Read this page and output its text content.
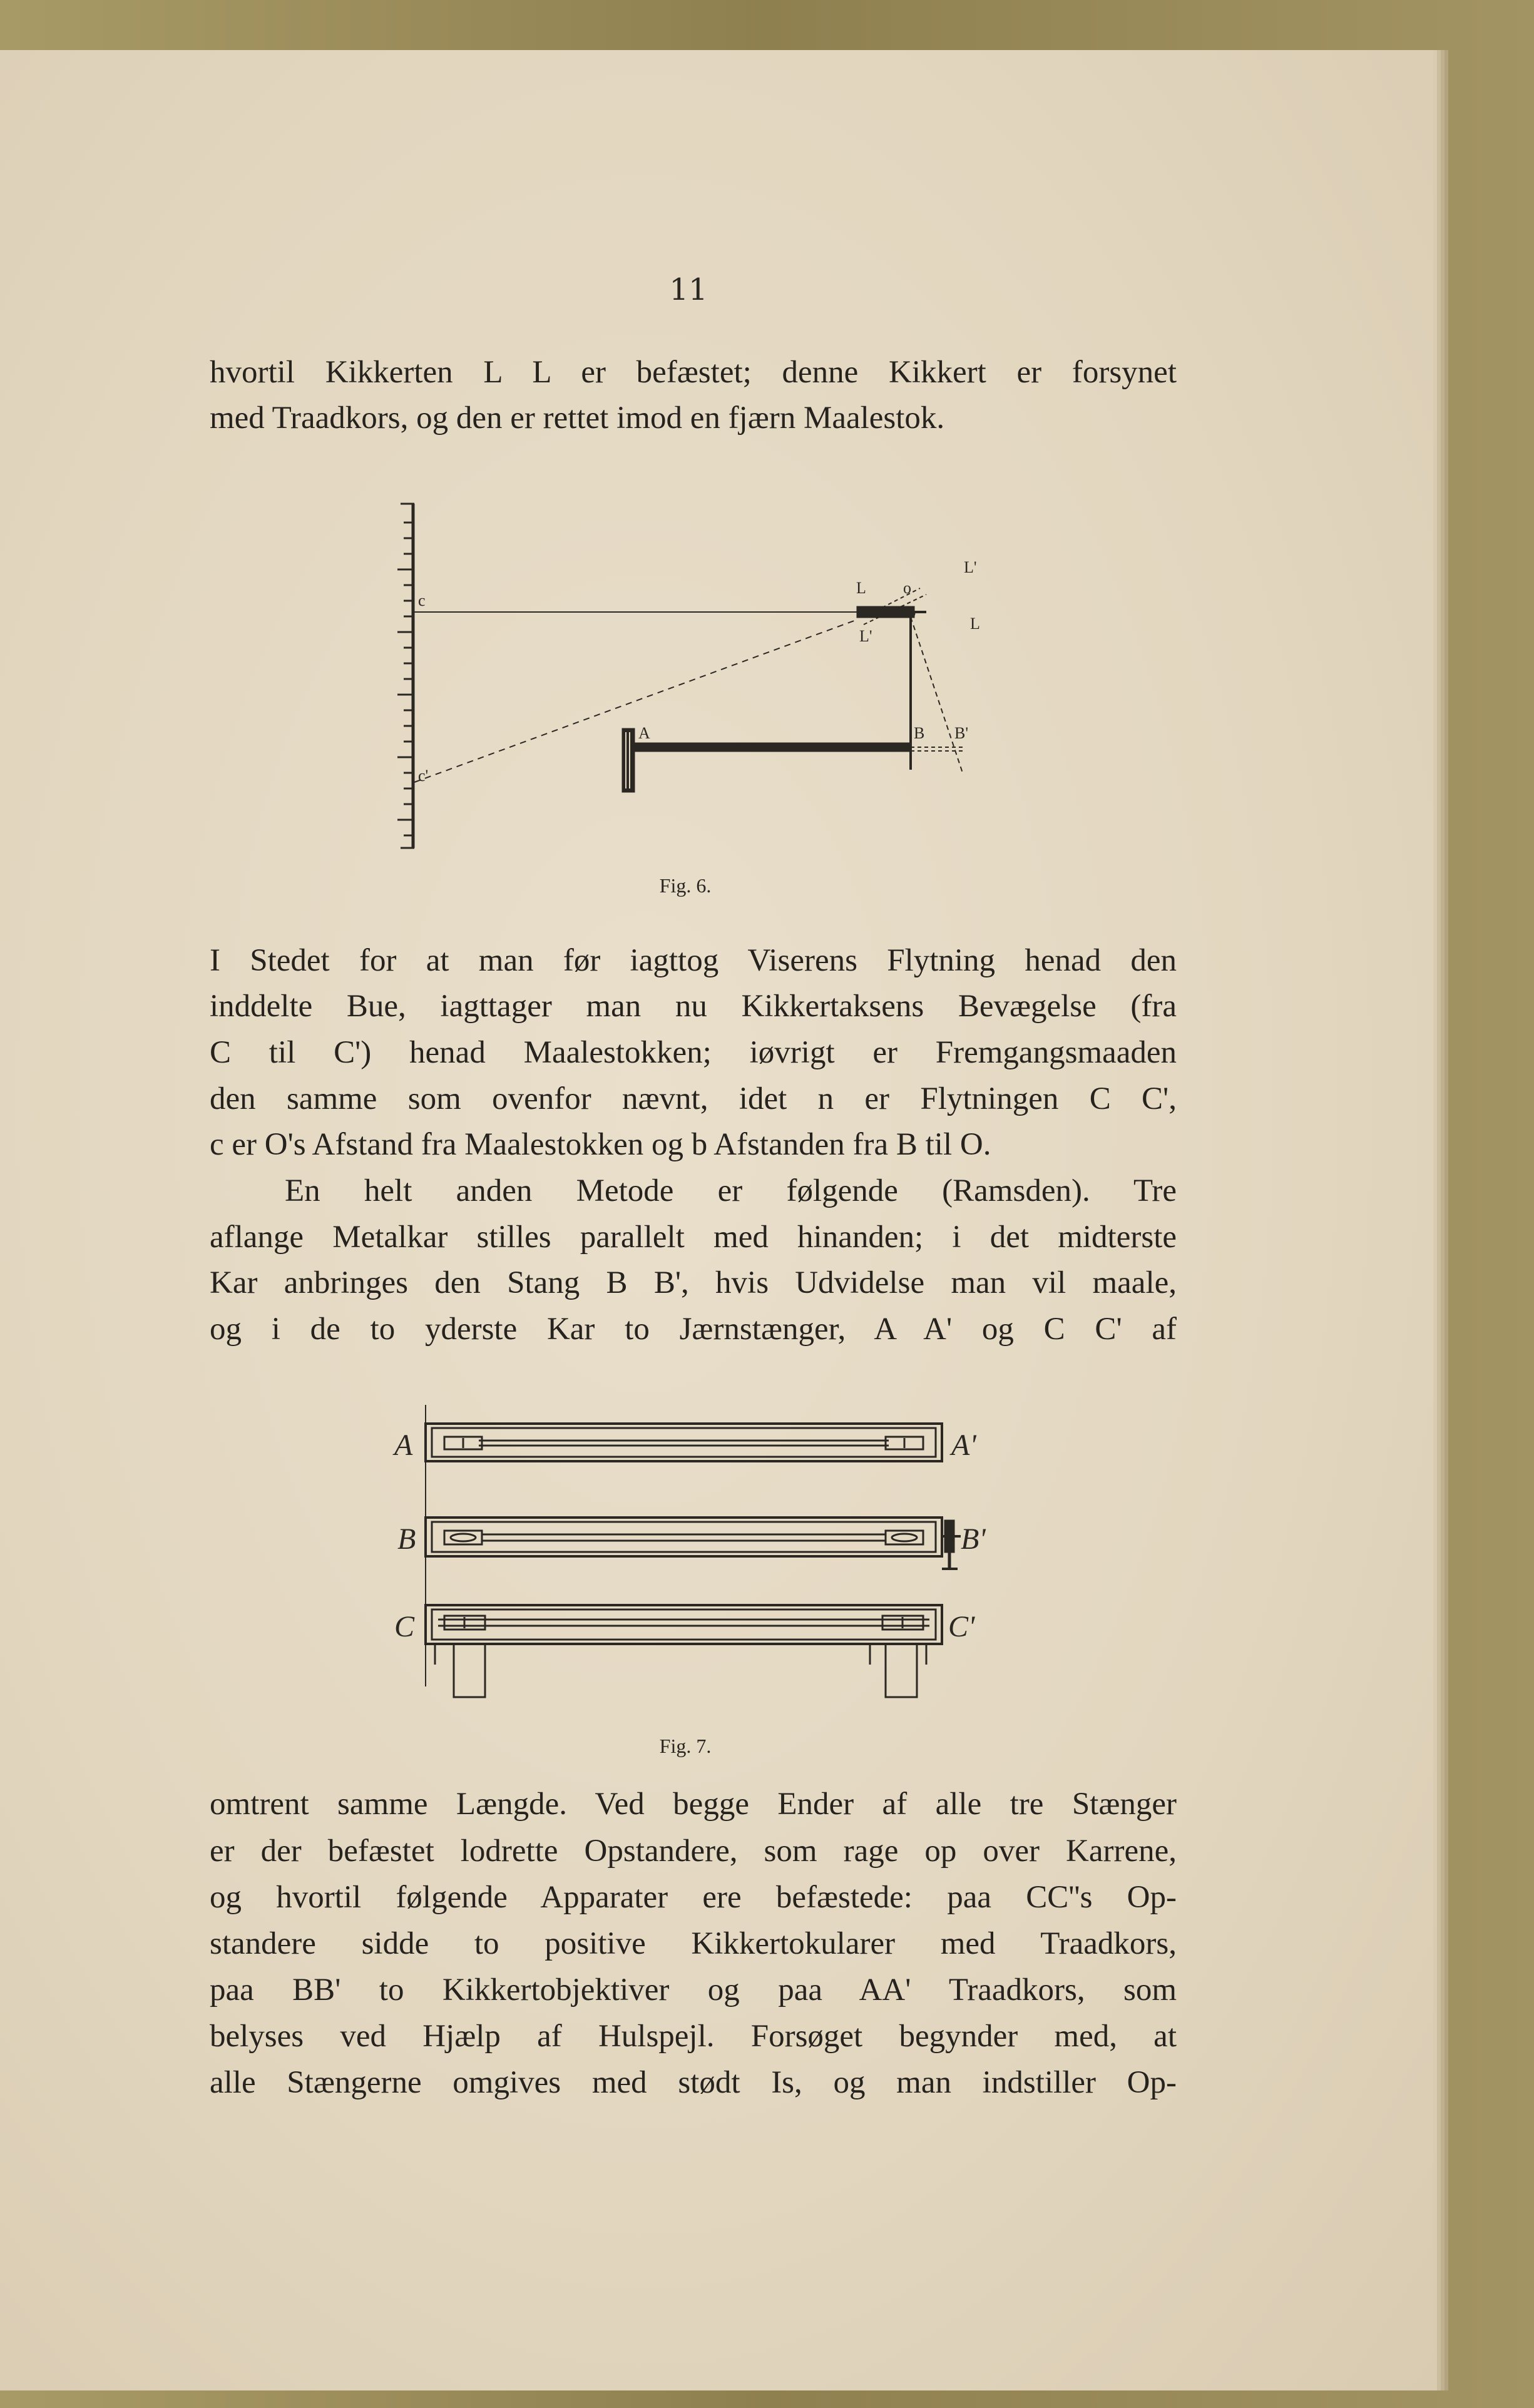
11
hvortil Kikkerten L L er befæstet; denne Kikkert er forsynet
med Traadkors, og den er rettet imod en fjærn Maalestok.
c
c'
L o
L'
L
L'
A	B B'
Fig. 6.
I Stedet for at man før iagttog Viserens Flytning henad den
inddelte Bue, iagttager man nu Kikkertaksens Bevægelse (fra
C til C') henad Maalestokken; iøvrigt er Fremgangsmaaden
den samme som ovenfor nævnt, idet n er Flytningen C C',
c er O's Afstand fra Maalestokken og b Afstanden fra B til O.
En helt anden Metode er følgende (Ramsden). Tre
aflange Metalkar stilles parallelt med hinanden; i det midterste
Kar anbringes den Stang B B', hvis Udvidelse man vil maale,
og i de to yderste Kar to Jærnstænger, A A' og C C' af
A	A'
B	B'
C	C'
Fig. 7.
omtrent samme Længde. Ved begge Ender af alle tre Stænger
er der befæstet lodrette Opstandere, som rage op over Karrene,
og hvortil følgende Apparater ere befæstede: paa CC''s Op-
standere sidde to positive Kikkertokularer med Traadkors,
paa BB' to Kikkertobjektiver og paa AA' Traadkors, som
belyses ved Hjælp af Hulspejl. Forsøget begynder med, at
alle Stængerne omgives med stødt Is, og man indstiller Op-
